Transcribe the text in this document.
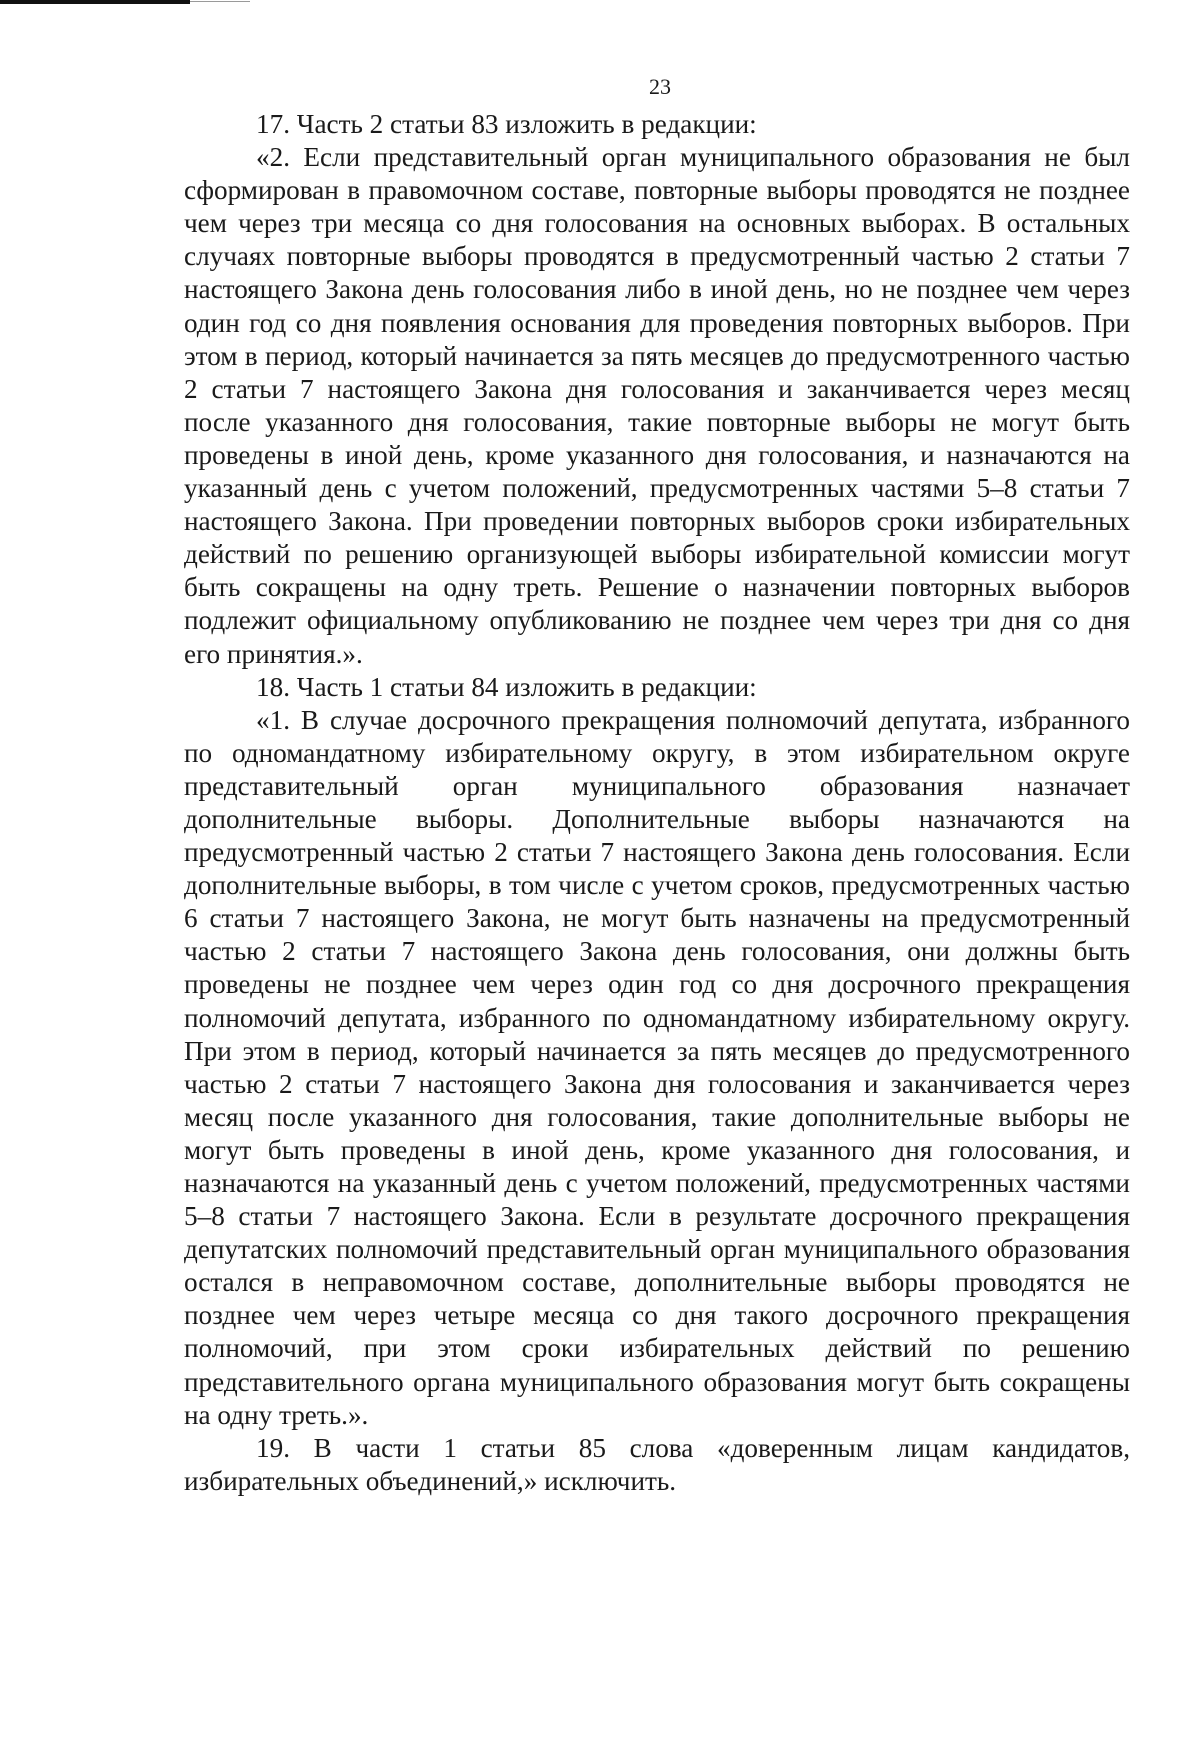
23

17. Часть 2 статьи 83 изложить в редакции:

«2. Если представительный орган муниципального образования не был сформирован в правомочном составе, повторные выборы проводятся не позднее чем через три месяца со дня голосования на основных выборах. В остальных случаях повторные выборы проводятся в предусмотренный частью 2 статьи 7 настоящего Закона день голосования либо в иной день, но не позднее чем через один год со дня появления основания для проведения повторных выборов. При этом в период, который начинается за пять месяцев до предусмотренного частью 2 статьи 7 настоящего Закона дня голосования и заканчивается через месяц после указанного дня голосования, такие повторные выборы не могут быть проведены в иной день, кроме указанного дня голосования, и назначаются на указанный день с учетом положений, предусмотренных частями 5–8 статьи 7 настоящего Закона. При проведении повторных выборов сроки избирательных действий по решению организующей выборы избирательной комиссии могут быть сокращены на одну треть. Решение о назначении повторных выборов подлежит официальному опубликованию не позднее чем через три дня со дня его принятия.».

18. Часть 1 статьи 84 изложить в редакции:

«1. В случае досрочного прекращения полномочий депутата, избранного по одномандатному избирательному округу, в этом избирательном округе представительный орган муниципального образования назначает дополнительные выборы. Дополнительные выборы назначаются на предусмотренный частью 2 статьи 7 настоящего Закона день голосования. Если дополнительные выборы, в том числе с учетом сроков, предусмотренных частью 6 статьи 7 настоящего Закона, не могут быть назначены на предусмотренный частью 2 статьи 7 настоящего Закона день голосования, они должны быть проведены не позднее чем через один год со дня досрочного прекращения полномочий депутата, избранного по одномандатному избирательному округу. При этом в период, который начинается за пять месяцев до предусмотренного частью 2 статьи 7 настоящего Закона дня голосования и заканчивается через месяц после указанного дня голосования, такие дополнительные выборы не могут быть проведены в иной день, кроме указанного дня голосования, и назначаются на указанный день с учетом положений, предусмотренных частями 5–8 статьи 7 настоящего Закона. Если в результате досрочного прекращения депутатских полномочий представительный орган муниципального образования остался в неправомочном составе, дополнительные выборы проводятся не позднее чем через четыре месяца со дня такого досрочного прекращения полномочий, при этом сроки избирательных действий по решению представительного органа муниципального образования могут быть сокращены на одну треть.».

19. В части 1 статьи 85 слова «доверенным лицам кандидатов, избирательных объединений,» исключить.
